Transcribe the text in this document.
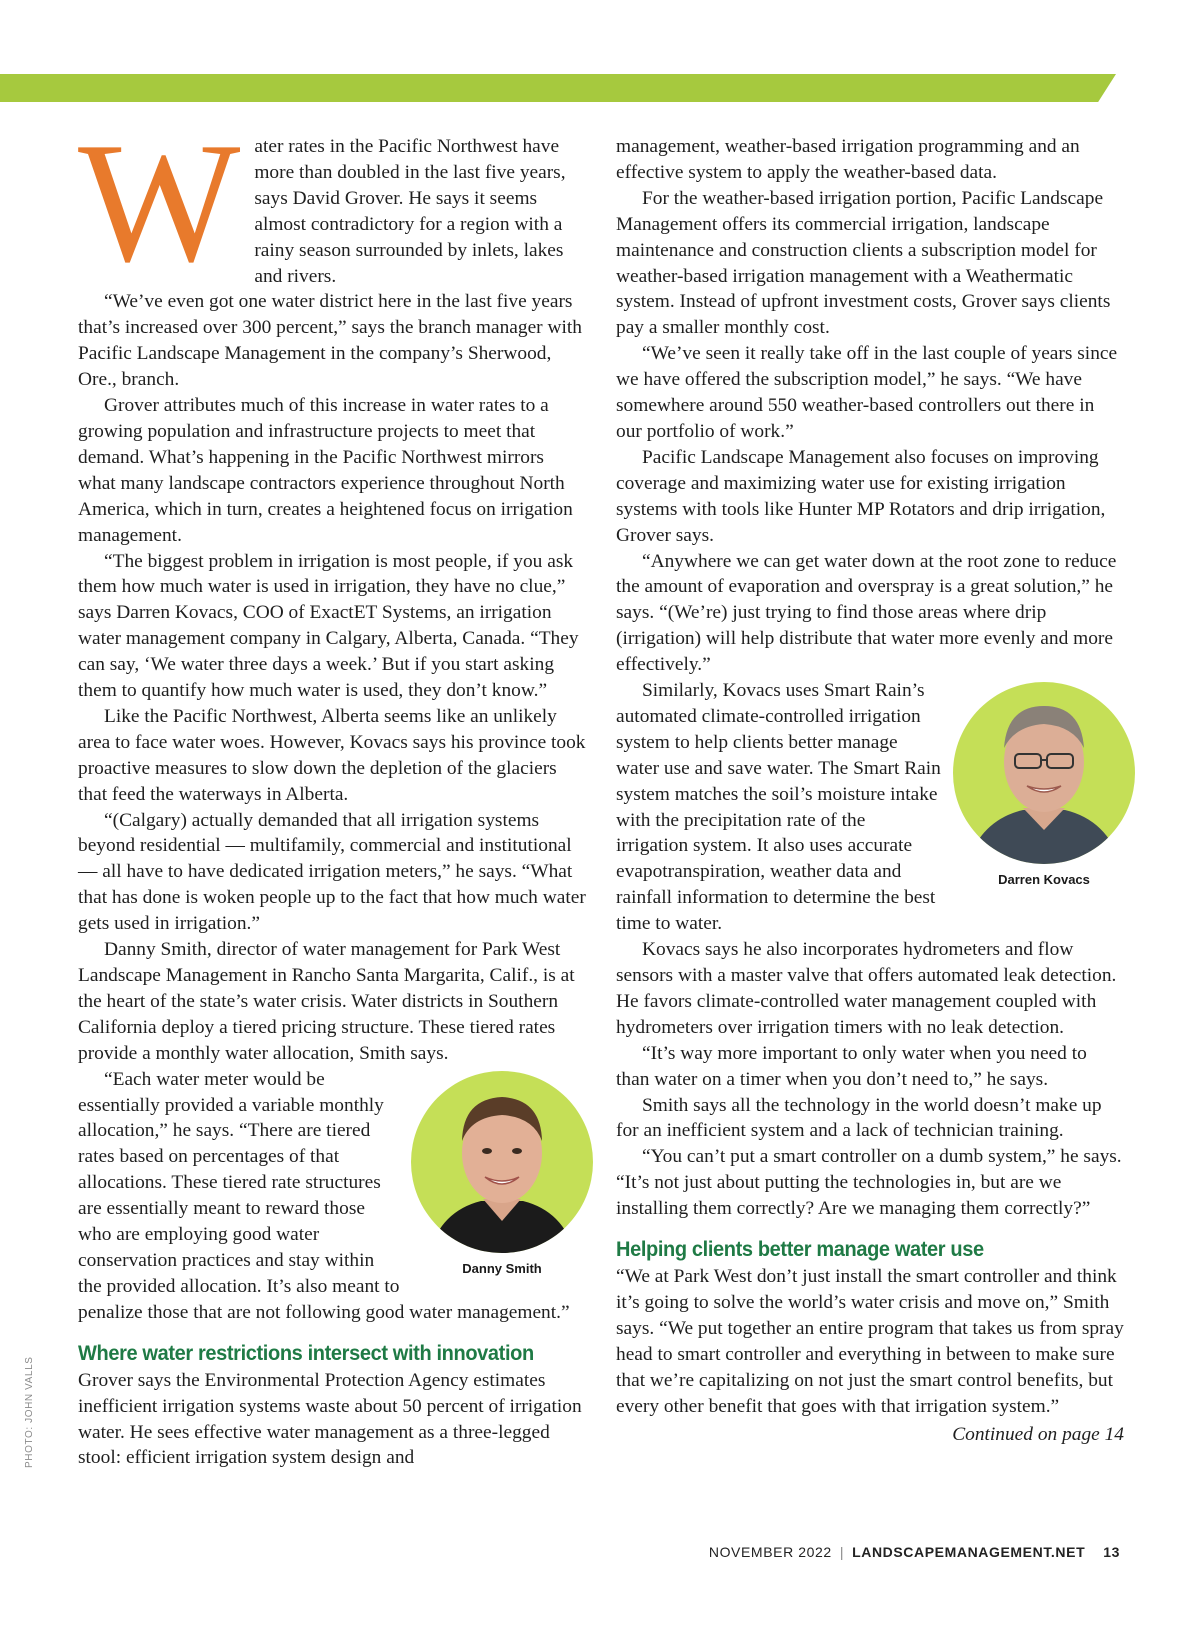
Water rates in the Pacific Northwest have more than doubled in the last five years, says David Grover. He says it seems almost contradictory for a region with a rainy season surrounded by inlets, lakes and rivers.

“We’ve even got one water district here in the last five years that’s increased over 300 percent,” says the branch manager with Pacific Landscape Management in the company’s Sherwood, Ore., branch.

Grover attributes much of this increase in water rates to a growing population and infrastructure projects to meet that demand. What’s happening in the Pacific Northwest mirrors what many landscape contractors experience throughout North America, which in turn, creates a heightened focus on irrigation management.

“The biggest problem in irrigation is most people, if you ask them how much water is used in irrigation, they have no clue,” says Darren Kovacs, COO of ExactET Systems, an irrigation water management company in Calgary, Alberta, Canada. “They can say, ‘We water three days a week.’ But if you start asking them to quantify how much water is used, they don’t know.”

Like the Pacific Northwest, Alberta seems like an unlikely area to face water woes. However, Kovacs says his province took proactive measures to slow down the depletion of the glaciers that feed the waterways in Alberta.

“(Calgary) actually demanded that all irrigation systems beyond residential — multifamily, commercial and institutional — all have to have dedicated irrigation meters,” he says. “What that has done is woken people up to the fact that how much water gets used in irrigation.”

Danny Smith, director of water management for Park West Landscape Management in Rancho Santa Margarita, Calif., is at the heart of the state’s water crisis. Water districts in Southern California deploy a tiered pricing structure. These tiered rates provide a monthly water allocation, Smith says.

Danny Smith

“Each water meter would be essentially provided a variable monthly allocation,” he says. “There are tiered rates based on percentages of that allocations. These tiered rate structures are essentially meant to reward those who are employing good water conservation practices and stay within the provided allocation. It’s also meant to penalize those that are not following good water management.”

Where water restrictions intersect with innovation

Grover says the Environmental Protection Agency estimates inefficient irrigation systems waste about 50 percent of irrigation water. He sees effective water management as a three-legged stool: efficient irrigation system design and

management, weather-based irrigation programming and an effective system to apply the weather-based data.

For the weather-based irrigation portion, Pacific Landscape Management offers its commercial irrigation, landscape maintenance and construction clients a subscription model for weather-based irrigation management with a Weathermatic system. Instead of upfront investment costs, Grover says clients pay a smaller monthly cost.

“We’ve seen it really take off in the last couple of years since we have offered the subscription model,” he says. “We have somewhere around 550 weather-based controllers out there in our portfolio of work.”

Pacific Landscape Management also focuses on improving coverage and maximizing water use for existing irrigation systems with tools like Hunter MP Rotators and drip irrigation, Grover says.

“Anywhere we can get water down at the root zone to reduce the amount of evaporation and overspray is a great solution,” he says. “(We’re) just trying to find those areas where drip (irrigation) will help distribute that water more evenly and more effectively.”

Darren Kovacs

Similarly, Kovacs uses Smart Rain’s automated climate-controlled irrigation system to help clients better manage water use and save water. The Smart Rain system matches the soil’s moisture intake with the precipitation rate of the irrigation system. It also uses accurate evapotranspiration, weather data and rainfall information to determine the best time to water.

Kovacs says he also incorporates hydrometers and flow sensors with a master valve that offers automated leak detection. He favors climate-controlled water management coupled with hydrometers over irrigation timers with no leak detection.

“It’s way more important to only water when you need to than water on a timer when you don’t need to,” he says.

Smith says all the technology in the world doesn’t make up for an inefficient system and a lack of technician training.

“You can’t put a smart controller on a dumb system,” he says. “It’s not just about putting the technologies in, but are we installing them correctly? Are we managing them correctly?”

Helping clients better manage water use

“We at Park West don’t just install the smart controller and think it’s going to solve the world’s water crisis and move on,” Smith says. “We put together an entire program that takes us from spray head to smart controller and everything in between to make sure that we’re capitalizing on not just the smart control benefits, but every other benefit that goes with that irrigation system.”

Continued on page 14
PHOTO: JOHN VALLS
NOVEMBER 2022 | LANDSCAPEMANAGEMENT.NET 13
